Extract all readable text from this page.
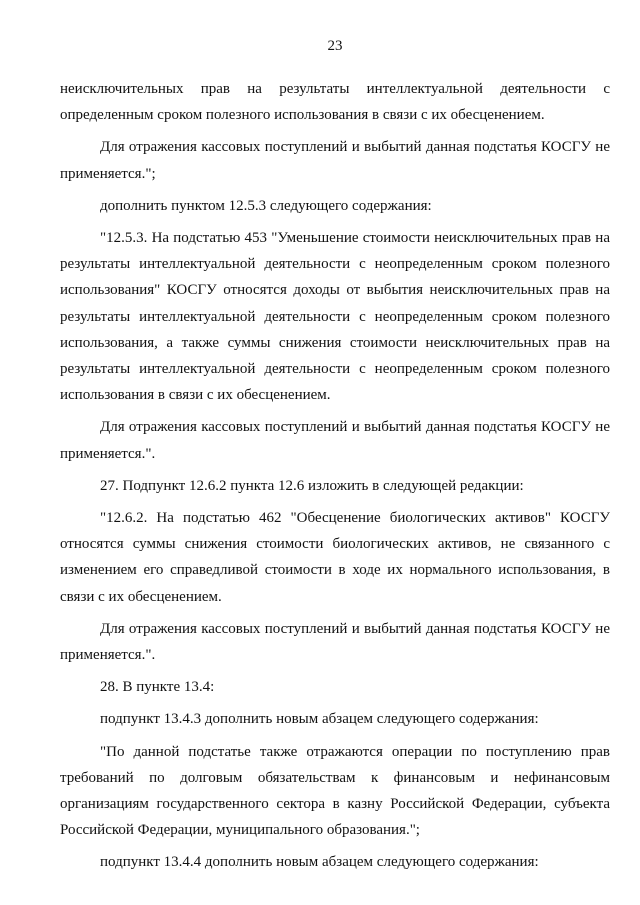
23

неисключительных прав на результаты интеллектуальной деятельности с

определенным сроком полезного использования в связи с их обесценением.

Для отражения кассовых поступлений и выбытий данная подстатья КОСГУ не применяется.";

дополнить пунктом 12.5.3 следующего содержания:

"12.5.3. На подстатью 453 "Уменьшение стоимости неисключительных прав на результаты интеллектуальной деятельности с неопределенным сроком полезного использования" КОСГУ относятся доходы от выбытия неисключительных прав на результаты интеллектуальной деятельности с неопределенным сроком полезного использования, а также суммы снижения стоимости неисключительных прав на результаты интеллектуальной деятельности с неопределенным сроком полезного использования в связи с их обесценением.

Для отражения кассовых поступлений и выбытий данная подстатья КОСГУ не применяется.".

27. Подпункт 12.6.2 пункта 12.6 изложить в следующей редакции:

"12.6.2. На подстатью 462 "Обесценение биологических активов" КОСГУ относятся суммы снижения стоимости биологических активов, не связанного с изменением его справедливой стоимости в ходе их нормального использования, в связи с их обесценением.

Для отражения кассовых поступлений и выбытий данная подстатья КОСГУ не применяется.".

28. В пункте 13.4:

подпункт 13.4.3 дополнить новым абзацем следующего содержания:

"По данной подстатье также отражаются операции по поступлению прав требований по долговым обязательствам к финансовым и нефинансовым организациям государственного сектора в казну Российской Федерации, субъекта Российской Федерации, муниципального образования.";

подпункт 13.4.4 дополнить новым абзацем следующего содержания:
